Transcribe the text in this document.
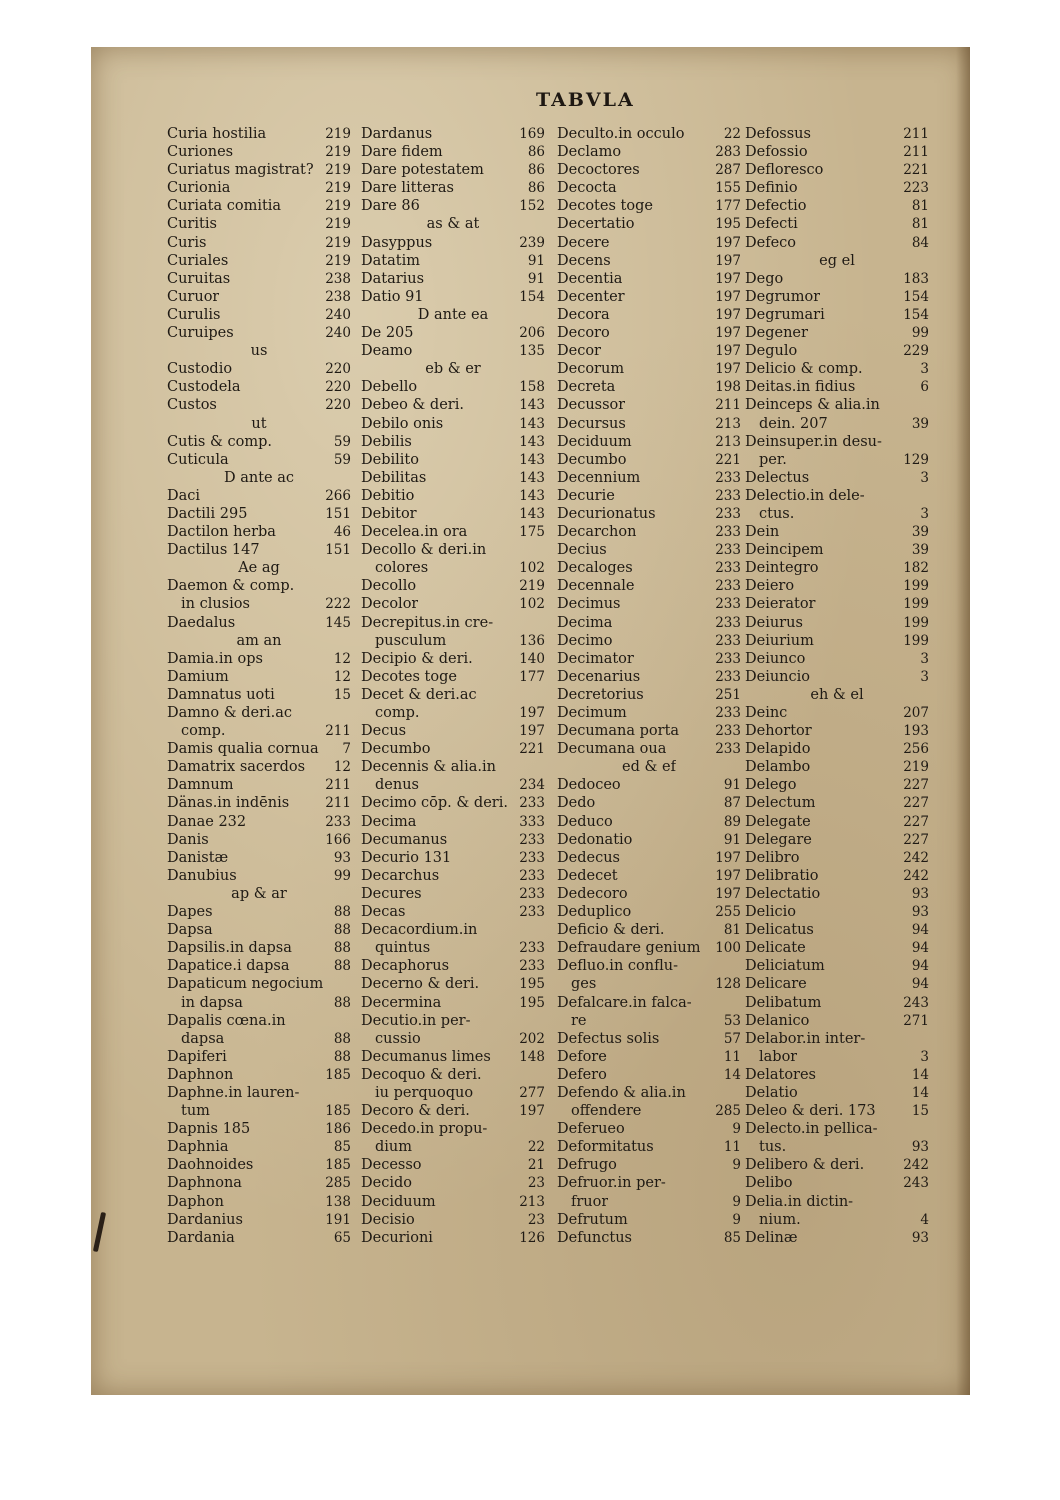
TABVLA
Curia hostilia	219
Curiones	219
Curiatus magistrat? 219
Curionia	219
Curiata comitia	219
Curitis	219
Curis	219
Curiales	219
Curuitas	238
Curuor	238
Curulis	240
Curuipes	240
us
Custodio	220
Custodela	220
Custos	220
ut
Cutis & comp.	59
Cuticula	59
D ante ac
Daci	266
Dactili 295	151
Dactilon herba	46
Dactilus 147	151
Ae ag
Daemon & comp.
in clusios	222
Daedalus	145
am an
Damia.in ops	12
Damium	12
Damnatus uoti	15
Damno & deri.ac
comp.	211
Damis qualia cornua 7
Damatrix sacerdos 12
Damnum	211
Dänas.in indēnis	211
Danae 232	233
Danis	166
Danistæ	93
Danubius	99
ap & ar
Dapes	88
Dapsa	88
Dapsilis.in dapsa	88
Dapatice.i dapsa	88
Dapaticum negocium
in dapsa	88
Dapalis cœna.in
dapsa	88
Dapiferi	88
Daphnon	185
Daphne.in lauren-
tum	185
Dapnis 185	186
Daphnia	85
Daohnoides	185
Daphnona	285
Daphon	138
Dardanius	191
Dardania	65
Dardanus	169
Dare fidem	86
Dare potestatem	86
Dare litteras	86
Dare 86	152
as & at
Dasyppus	239
Datatim	91
Datarius	91
Datio 91	154
D ante ea
De 205	206
Deamo	135
eb & er
Debello	158
Debeo & deri.	143
Debilo onis	143
Debilis	143
Debilito	143
Debilitas	143
Debitio	143
Debitor	143
Decelea.in ora	175
Decollo & deri.in
colores	102
Decollo	219
Decolor	102
Decrepitus.in cre-
pusculum	136
Decipio & deri.	140
Decotes toge	177
Decet & deri.ac
comp.	197
Decus	197
Decumbo	221
Decennis & alia.in
denus	234
Decimo cōp. & deri. 233
Decima	333
Decumanus	233
Decurio 131	233
Decarchus	233
Decures	233
Decas	233
Decacordium.in
quintus	233
Decaphorus	233
Decerno & deri.	195
Decermina	195
Decutio.in per-
cussio	202
Decumanus limes 148
Decoquo & deri.
iu perquoquo	277
Decoro & deri.	197
Decedo.in propu-
dium	22
Decesso	21
Decido	23
Deciduum	213
Decisio	23
Decurioni	126
Deculto.in occulo	22
Declamo	283
Decoctores	287
Decocta	155
Decotes toge	177
Decertatio	195
Decere	197
Decens	197
Decentia	197
Decenter	197
Decora	197
Decoro	197
Decor	197
Decorum	197
Decreta	198
Decussor	211
Decursus	213
Deciduum	213
Decumbo	221
Decennium	233
Decurie	233
Decurionatus	233
Decarchon	233
Decius	233
Decaloges	233
Decennale	233
Decimus	233
Decima	233
Decimo	233
Decimator	233
Decenarius	233
Decretorius	251
Decimum	233
Decumana porta	233
Decumana oua	233
ed & ef
Dedoceo	91
Dedo	87
Deduco	89
Dedonatio	91
Dedecus	197
Dedecet	197
Dedecoro	197
Deduplico	255
Deficio & deri.	81
Defraudare genium 100
Defluo.in conflu-
ges	128
Defalcare.in falca-
re	53
Defectus solis	57
Defore	11
Defero	14
Defendo & alia.in
offendere	285
Deferueo	9
Deformitatus	11
Defrugo	9
Defruor.in per-
fruor	9
Defrutum	9
Defunctus	85
Defossus	211
Defossio	211
Defloresco	221
Definio	223
Defectio	81
Defecti	81
Defeco	84
eg el
Dego	183
Degrumor	154
Degrumari	154
Degener	99
Degulo	229
Delicio & comp.	3
Deitas.in fidius	6
Deinceps & alia.in
dein. 207	39
Deinsuper.in desu-
per.	129
Delectus	3
Delectio.in dele-
ctus.	3
Dein	39
Deincipem	39
Deintegro	182
Deiero	199
Deierator	199
Deiurus	199
Deiurium	199
Deiunco	3
Deiuncio	3
eh & el
Deinc	207
Dehortor	193
Delapido	256
Delambo	219
Delego	227
Delectum	227
Delegate	227
Delegare	227
Delibro	242
Delibratio	242
Delectatio	93
Delicio	93
Delicatus	94
Delicate	94
Deliciatum	94
Delicare	94
Delibatum	243
Delanico	271
Delabor.in inter-
labor	3
Delatores	14
Delatio	14
Deleo & deri. 173	15
Delecto.in pellica-
tus.	93
Delibero & deri.	242
Delibo	243
Delia.in dictin-
nium.	4
Delinæ	93
